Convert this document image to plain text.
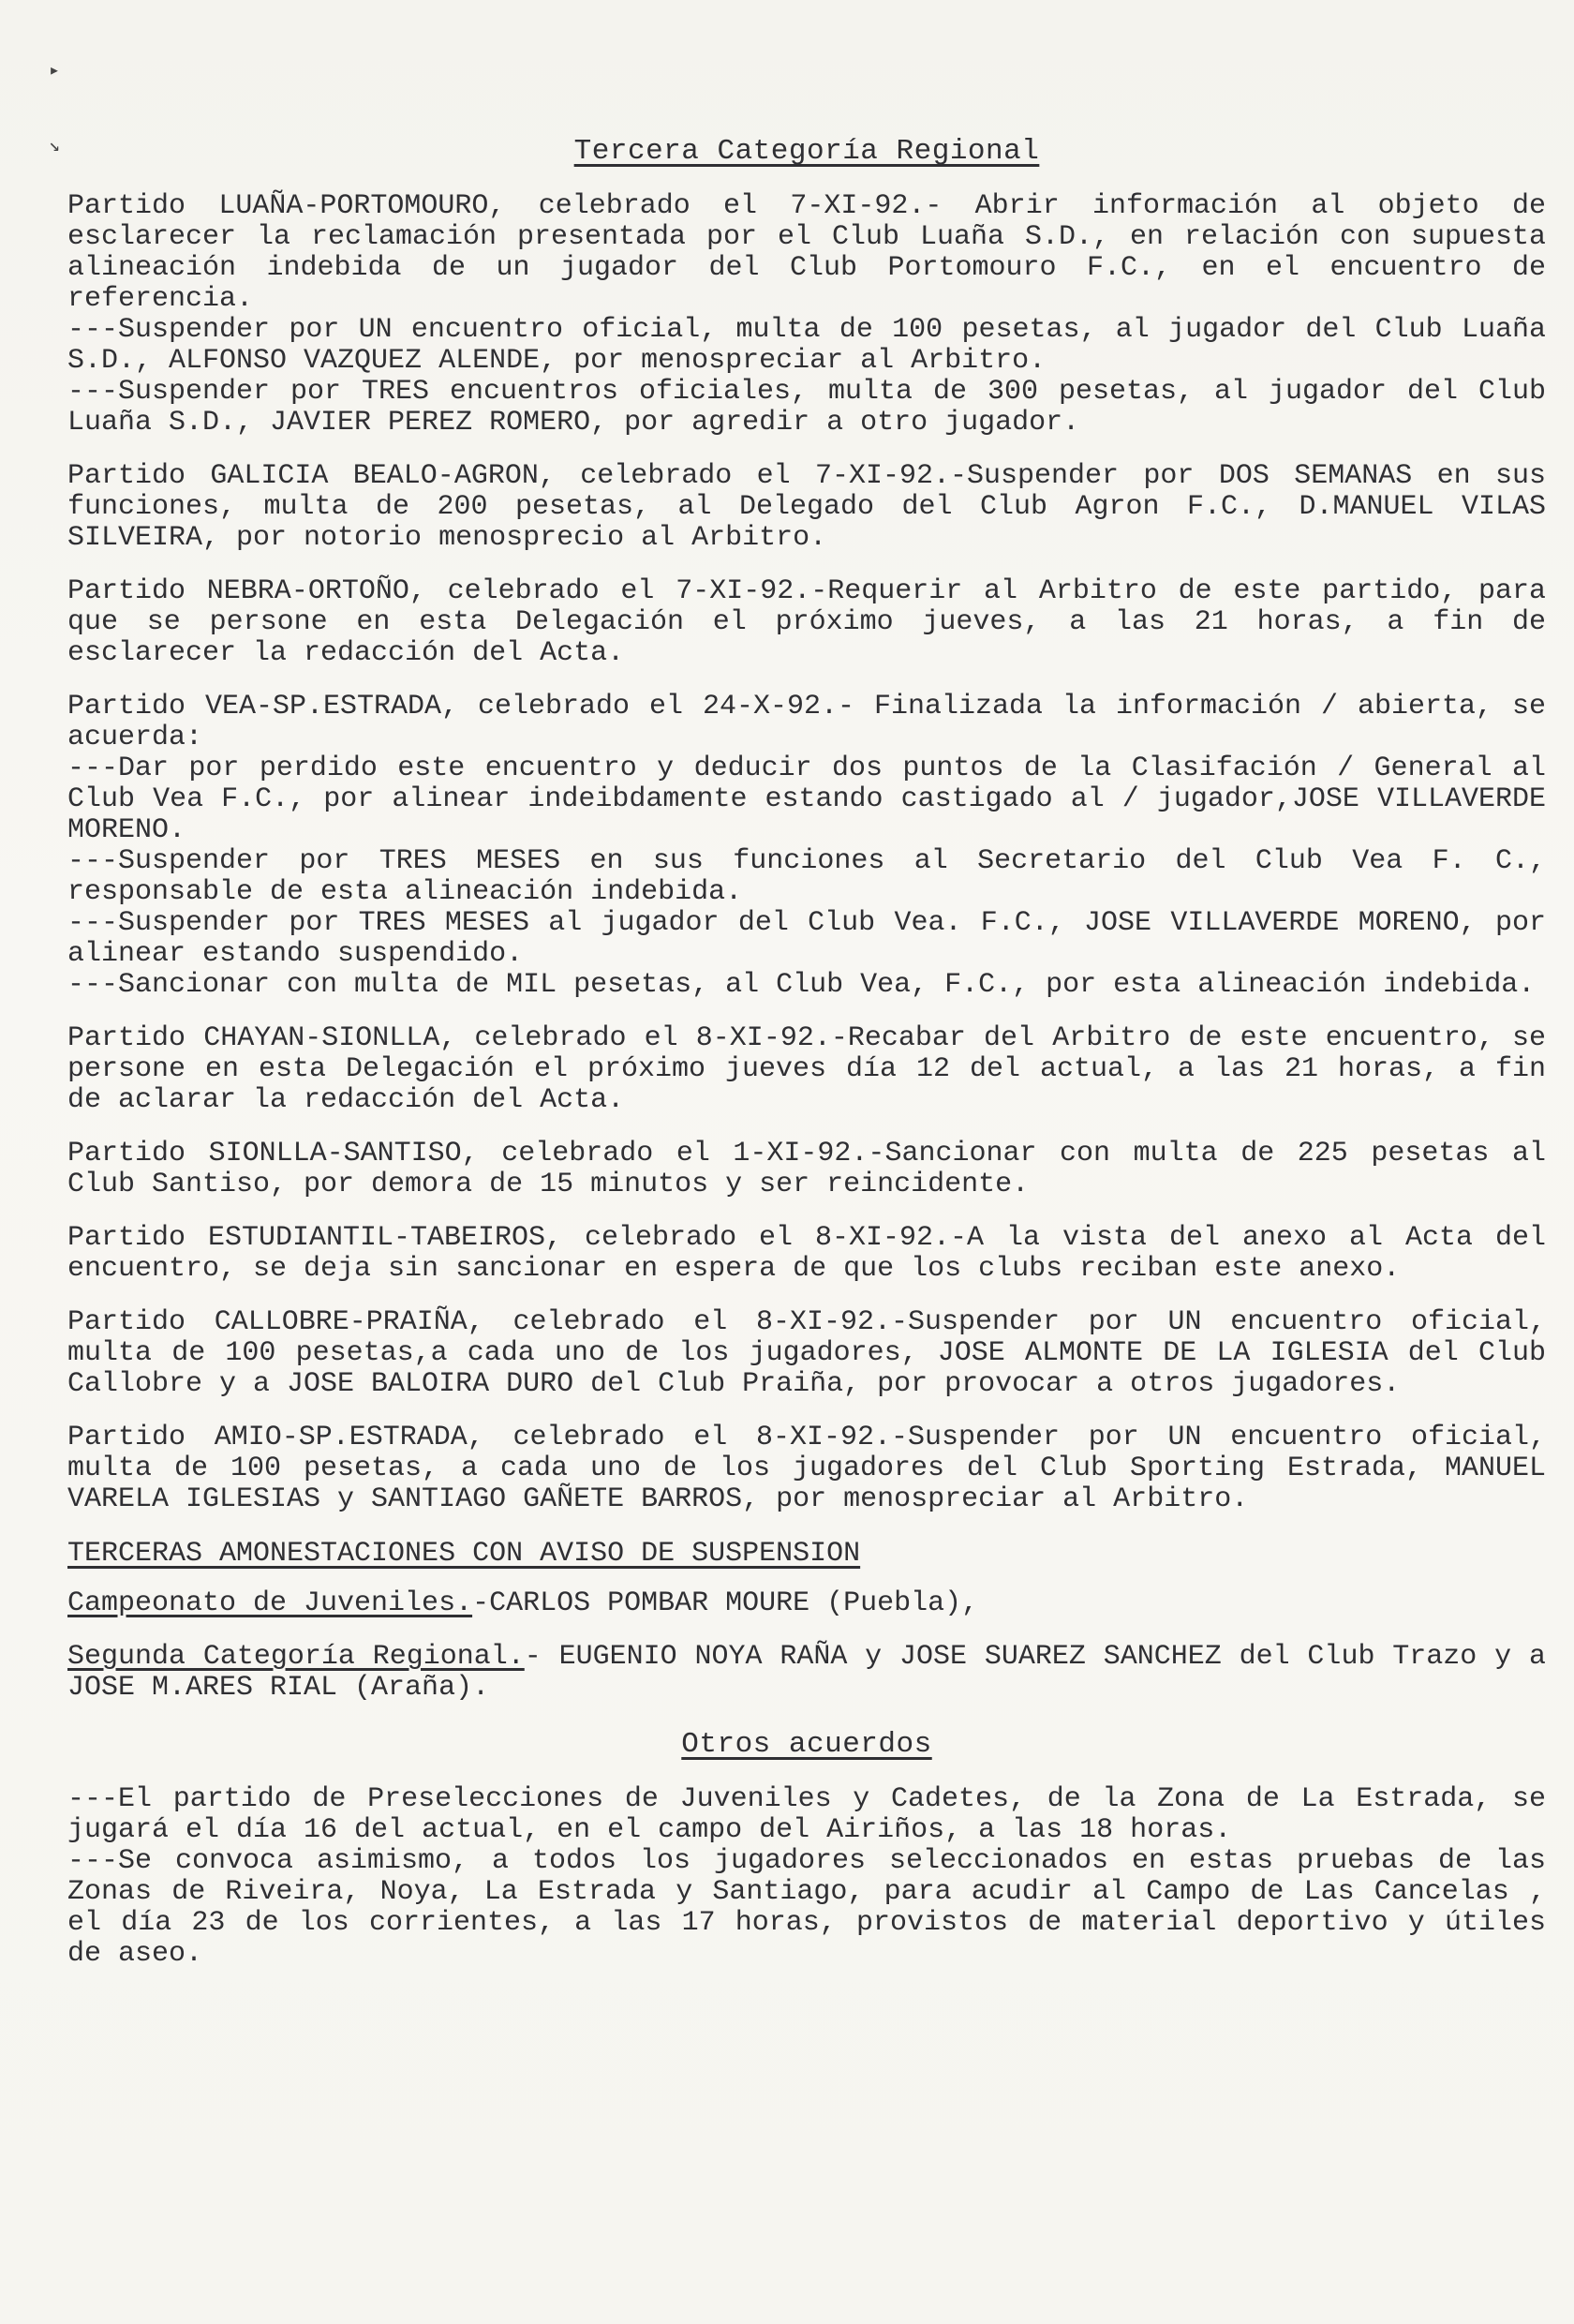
▸
↘	Tercera Categoría Regional
Partido LUAÑA-PORTOMOURO, celebrado el 7-XI-92.- Abrir información al objeto de esclarecer la reclamación presentada por el Club Luaña S.D., en relación con supuesta alineación indebida de un jugador del Club Portomouro F.C., en el encuentro de referencia.
---Suspender por UN encuentro oficial, multa de 100 pesetas, al jugador del Club Luaña S.D., ALFONSO VAZQUEZ ALENDE, por menospreciar al Arbitro.
---Suspender por TRES encuentros oficiales, multa de 300 pesetas, al jugador del Club Luaña S.D., JAVIER PEREZ ROMERO, por agredir a otro jugador.
Partido GALICIA BEALO-AGRON, celebrado el 7-XI-92.-Suspender por DOS SEMANAS en sus funciones, multa de 200 pesetas, al Delegado del Club Agron F.C., D.MANUEL VILAS SILVEIRA, por notorio menosprecio al Arbitro.
Partido NEBRA-ORTOÑO, celebrado el 7-XI-92.-Requerir al Arbitro de este partido, para que se persone en esta Delegación el próximo jueves, a las 21 horas, a fin de esclarecer la redacción del Acta.
Partido VEA-SP.ESTRADA, celebrado el 24-X-92.- Finalizada la información / abierta, se acuerda:
---Dar por perdido este encuentro y deducir dos puntos de la Clasifación / General al Club Vea F.C., por alinear indeibdamente estando castigado al / jugador,JOSE VILLAVERDE MORENO.
---Suspender por TRES MESES en sus funciones al Secretario del Club Vea F. C., responsable de esta alineación indebida.
---Suspender por TRES MESES al jugador del Club Vea. F.C., JOSE VILLAVERDE MORENO, por alinear estando suspendido.
---Sancionar con multa de MIL pesetas, al Club Vea, F.C., por esta alineación indebida.
Partido CHAYAN-SIONLLA, celebrado el 8-XI-92.-Recabar del Arbitro de este encuentro, se persone en esta Delegación el próximo jueves día 12 del actual, a las 21 horas, a fin de aclarar la redacción del Acta.
Partido SIONLLA-SANTISO, celebrado el 1-XI-92.-Sancionar con multa de 225 pesetas al Club Santiso, por demora de 15 minutos y ser reincidente.
Partido ESTUDIANTIL-TABEIROS, celebrado el 8-XI-92.-A la vista del anexo al Acta del encuentro, se deja sin sancionar en espera de que los clubs reciban este anexo.
Partido CALLOBRE-PRAIÑA, celebrado el 8-XI-92.-Suspender por UN encuentro oficial, multa de 100 pesetas,a cada uno de los jugadores, JOSE ALMONTE DE LA IGLESIA del Club Callobre y a JOSE BALOIRA DURO del Club Praiña, por provocar a otros jugadores.
Partido AMIO-SP.ESTRADA, celebrado el 8-XI-92.-Suspender por UN encuentro oficial, multa de 100 pesetas, a cada uno de los jugadores del Club Sporting Estrada, MANUEL VARELA IGLESIAS y SANTIAGO GAÑETE BARROS, por menospreciar al Arbitro.
TERCERAS AMONESTACIONES CON AVISO DE SUSPENSION
Campeonato de Juveniles.-CARLOS POMBAR MOURE (Puebla),
Segunda Categoría Regional.- EUGENIO NOYA RAÑA y JOSE SUAREZ SANCHEZ del Club Trazo y a JOSE M.ARES RIAL (Araña).
Otros acuerdos
---El partido de Preselecciones de Juveniles y Cadetes, de la Zona de La Estrada, se jugará el día 16 del actual, en el campo del Airiños, a las 18 horas.
---Se convoca asimismo, a todos los jugadores seleccionados en estas pruebas de las Zonas de Riveira, Noya, La Estrada y Santiago, para acudir al Campo de Las Cancelas , el día 23 de los corrientes, a las 17 horas, provistos de material deportivo y útiles de aseo.
